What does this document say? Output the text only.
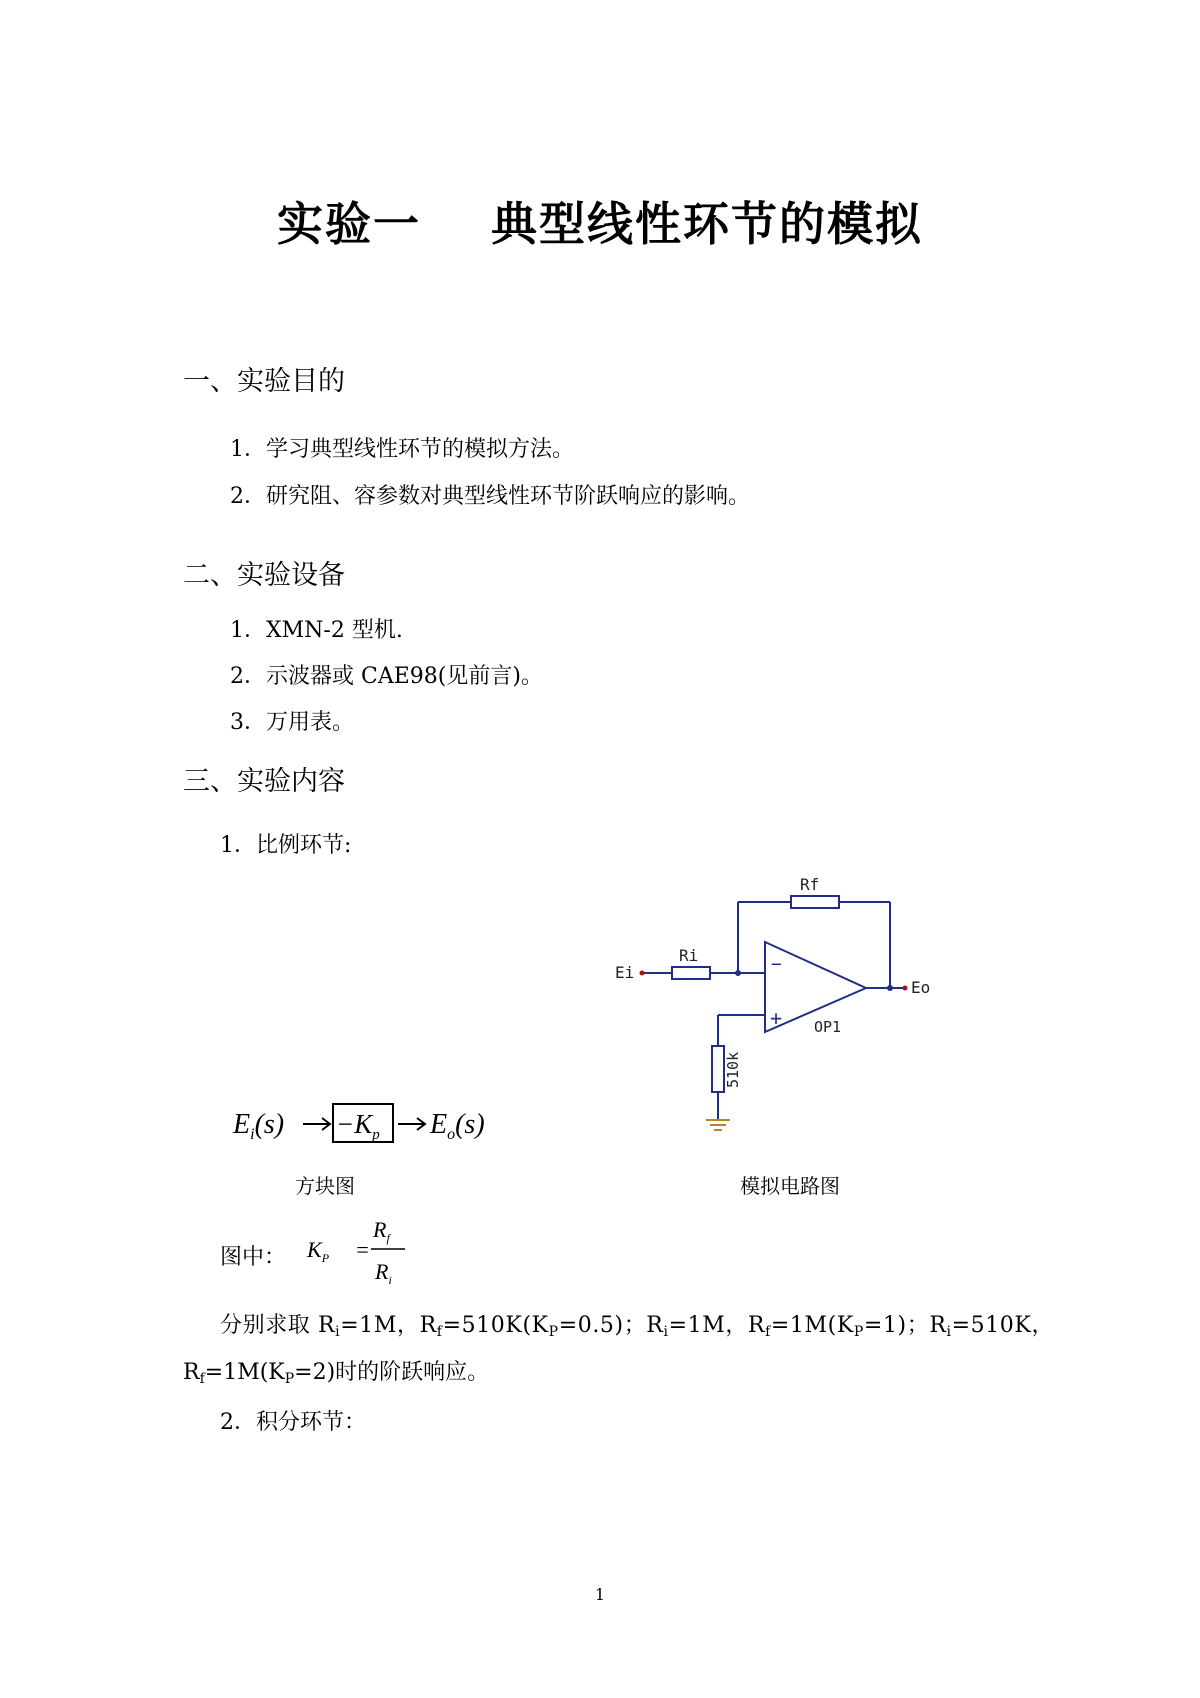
实验一 典型线性环节的模拟
一、实验目的
1．学习典型线性环节的模拟方法。
2．研究阻、容参数对典型线性环节阶跃响应的影响。
二、实验设备
1．XMN-2 型机.
2．示波器或 CAE98(见前言)。
3．万用表。
三、实验内容
1．比例环节:
Rf
Ri
Ei
Eo
OP1
−
+
510k
$E_i(s) -K_p$ $E_o(s)$
方块图	模拟电路图
图中： $K_P$ =
$R_f$
$R_i$
分别求取 $R_i=1M$，$R_f=510K(K_P=0.5)$；$R_i=1M$，$R_f=1M(K_P=1)$；$R_i=510K$，
$R_f=1M(K_P=2)$时的阶跃响应。
2．积分环节：
1
